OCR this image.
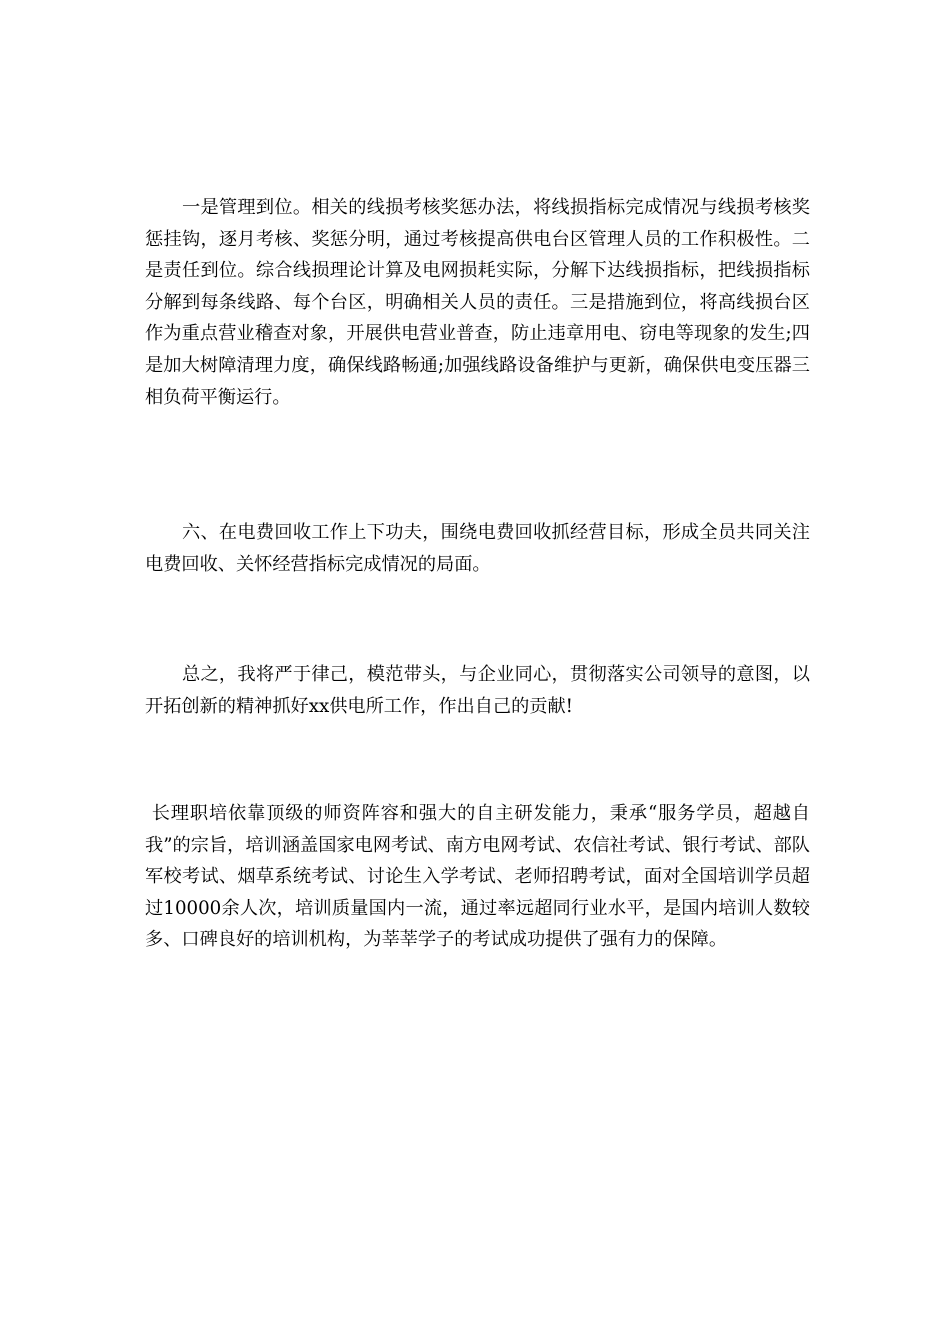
　　一是管理到位。相关的线损考核奖惩办法，将线损指标完成情况与线损考核奖惩挂钩，逐月考核、奖惩分明，通过考核提高供电台区管理人员的工作积极性。二是责任到位。综合线损理论计算及电网损耗实际，分解下达线损指标，把线损指标分解到每条线路、每个台区，明确相关人员的责任。三是措施到位，将高线损台区作为重点营业稽查对象，开展供电营业普查，防止违章用电、窃电等现象的发生;四是加大树障清理力度，确保线路畅通;加强线路设备维护与更新，确保供电变压器三相负荷平衡运行。

　　六、在电费回收工作上下功夫，围绕电费回收抓经营目标，形成全员共同关注电费回收、关怀经营指标完成情况的局面。

　　总之，我将严于律己，模范带头，与企业同心，贯彻落实公司领导的意图，以开拓创新的精神抓好xx供电所工作，作出自己的贡献!

长理职培依靠顶级的师资阵容和强大的自主研发能力，秉承“服务学员，超越自我”的宗旨，培训涵盖国家电网考试、南方电网考试、农信社考试、银行考试、部队军校考试、烟草系统考试、讨论生入学考试、老师招聘考试，面对全国培训学员超过10000余人次，培训质量国内一流，通过率远超同行业水平，是国内培训人数较多、口碑良好的培训机构，为莘莘学子的考试成功提供了强有力的保障。
